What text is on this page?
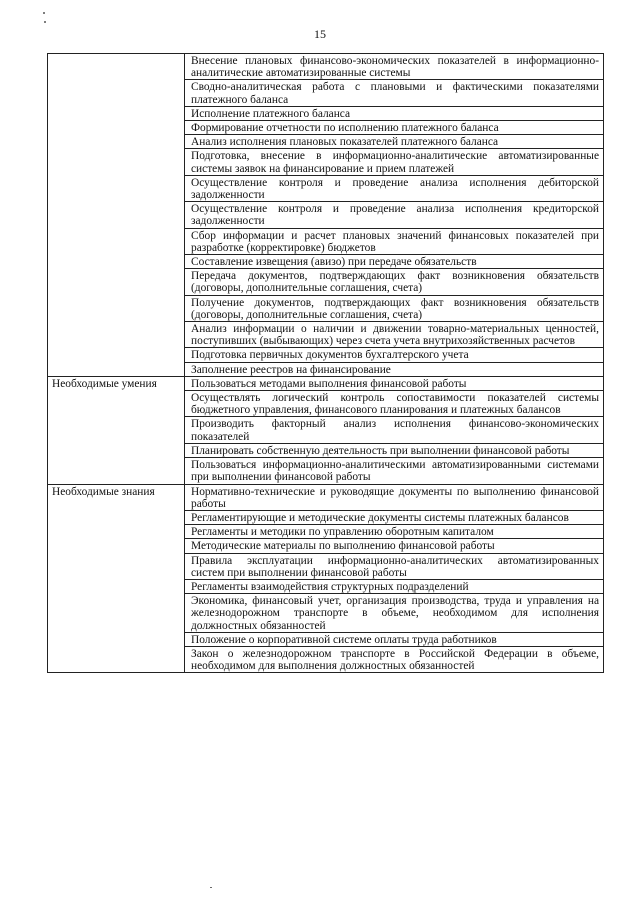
15
	Внесение плановых финансово-экономических показателей в информационно-аналитические автоматизированные системы
	Сводно-аналитическая работа с плановыми и фактическими показателями платежного баланса
	Исполнение платежного баланса
	Формирование отчетности по исполнению платежного баланса
	Анализ исполнения плановых показателей платежного баланса
	Подготовка, внесение в информационно-аналитические автоматизированные системы заявок на финансирование и прием платежей
	Осуществление контроля и проведение анализа исполнения дебиторской задолженности
	Осуществление контроля и проведение анализа исполнения кредиторской задолженности
	Сбор информации и расчет плановых значений финансовых показателей при разработке (корректировке) бюджетов
	Составление извещения (авизо) при передаче обязательств
	Передача документов, подтверждающих факт возникновения обязательств (договоры, дополнительные соглашения, счета)
	Получение документов, подтверждающих факт возникновения обязательств (договоры, дополнительные соглашения, счета)
	Анализ информации о наличии и движении товарно-материальных ценностей, поступивших (выбывающих) через счета учета внутрихозяйственных расчетов
	Подготовка первичных документов бухгалтерского учета
	Заполнение реестров на финансирование
Необходимые умения	Пользоваться методами выполнения финансовой работы
	Осуществлять логический контроль сопоставимости показателей системы бюджетного управления, финансового планирования и платежных балансов
	Производить факторный анализ исполнения финансово-экономических показателей
	Планировать собственную деятельность при выполнении финансовой работы
	Пользоваться информационно-аналитическими автоматизированными системами при выполнении финансовой работы
Необходимые знания	Нормативно-технические и руководящие документы по выполнению финансовой работы
	Регламентирующие и методические документы системы платежных балансов
	Регламенты и методики по управлению оборотным капиталом
	Методические материалы по выполнению финансовой работы
	Правила эксплуатации информационно-аналитических автоматизированных систем при выполнении финансовой работы
	Регламенты взаимодействия структурных подразделений
	Экономика, финансовый учет, организация производства, труда и управления на железнодорожном транспорте в объеме, необходимом для исполнения должностных обязанностей
	Положение о корпоративной системе оплаты труда работников
	Закон о железнодорожном транспорте в Российской Федерации в объеме, необходимом для выполнения должностных обязанностей
